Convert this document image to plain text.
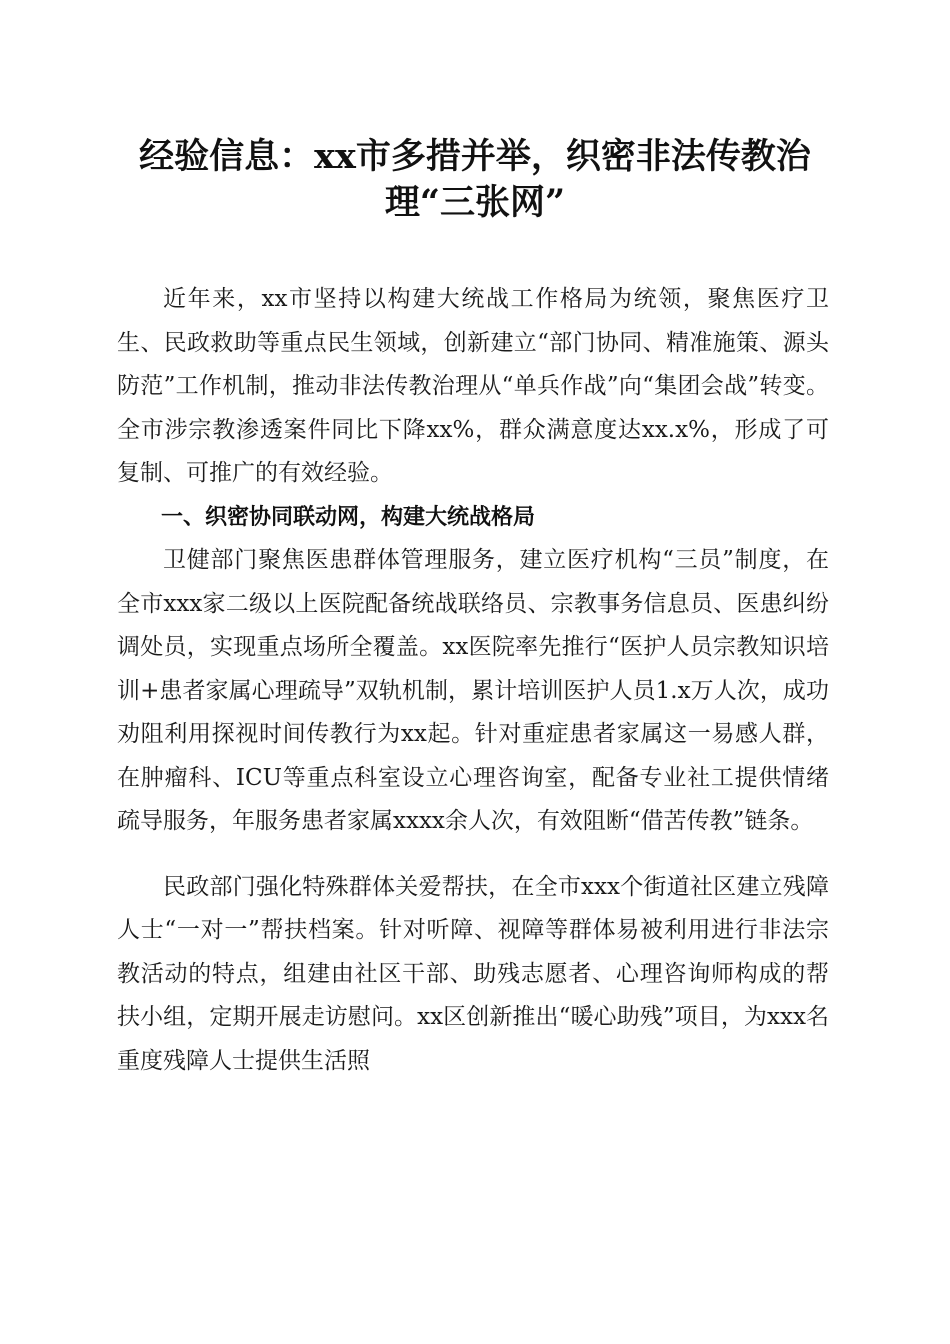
经验信息：xx市多措并举，织密非法传教治理“三张网”

近年来，xx市坚持以构建大统战工作格局为统领，聚焦医疗卫生、民政救助等重点民生领域，创新建立“部门协同、精准施策、源头防范”工作机制，推动非法传教治理从“单兵作战”向“集团会战”转变。全市涉宗教渗透案件同比下降xx%，群众满意度达xx.x%，形成了可复制、可推广的有效经验。

一、织密协同联动网，构建大统战格局

卫健部门聚焦医患群体管理服务，建立医疗机构“三员”制度，在全市xxx家二级以上医院配备统战联络员、宗教事务信息员、医患纠纷调处员，实现重点场所全覆盖。xx医院率先推行“医护人员宗教知识培训+患者家属心理疏导”双轨机制，累计培训医护人员1.x万人次，成功劝阻利用探视时间传教行为xx起。针对重症患者家属这一易感人群，在肿瘤科、ICU等重点科室设立心理咨询室，配备专业社工提供情绪疏导服务，年服务患者家属xxxx余人次，有效阻断“借苦传教”链条。

民政部门强化特殊群体关爱帮扶，在全市xxx个街道社区建立残障人士“一对一”帮扶档案。针对听障、视障等群体易被利用进行非法宗教活动的特点，组建由社区干部、助残志愿者、心理咨询师构成的帮扶小组，定期开展走访慰问。xx区创新推出“暖心助残”项目，为xxx名重度残障人士提供生活照
